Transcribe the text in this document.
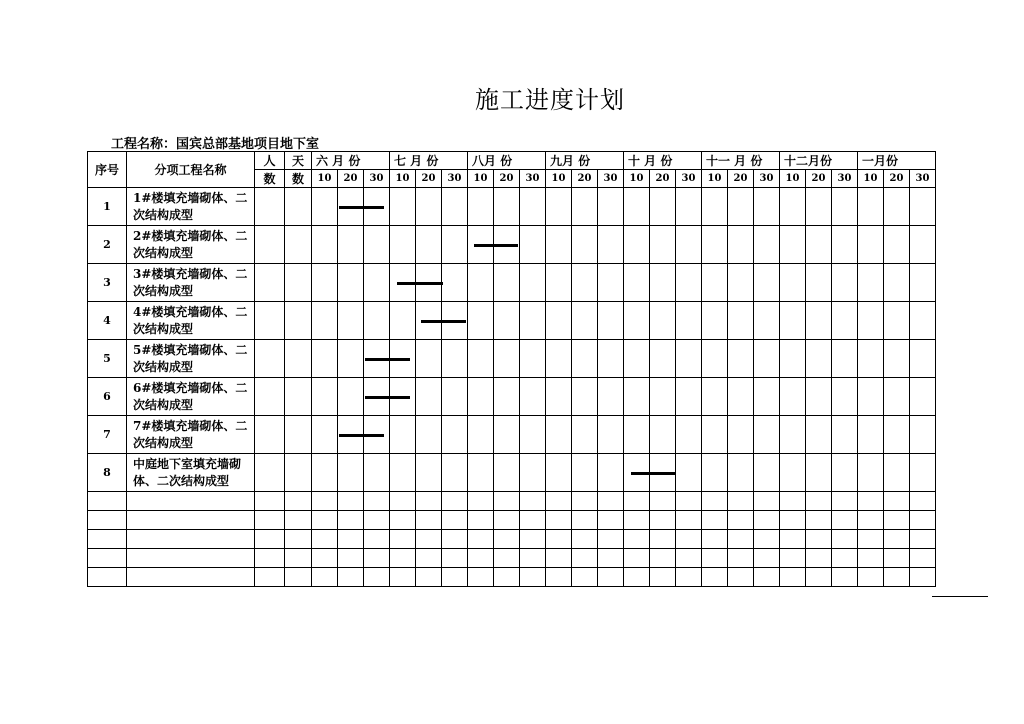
施工进度计划
工程名称：国宾总部基地项目地下室
序号	分项工程名称	人	天	六 月 份			七 月 份			八月 份			九月 份			十 月 份			十一 月 份			十二月份			一月份		
		数	数	10	20	30	10	20	30	10	20	30	10	20	30	10	20	30	10	20	30	10	20	30	10	20	30
1	1#楼填充墙砌体、二次结构成型																										
2	2#楼填充墙砌体、二次结构成型																										
3	3#楼填充墙砌体、二次结构成型																										
4	4#楼填充墙砌体、二次结构成型																										
5	5#楼填充墙砌体、二次结构成型																										
6	6#楼填充墙砌体、二次结构成型																										
7	7#楼填充墙砌体、二次结构成型																										
8	中庭地下室填充墙砌体、二次结构成型																										
